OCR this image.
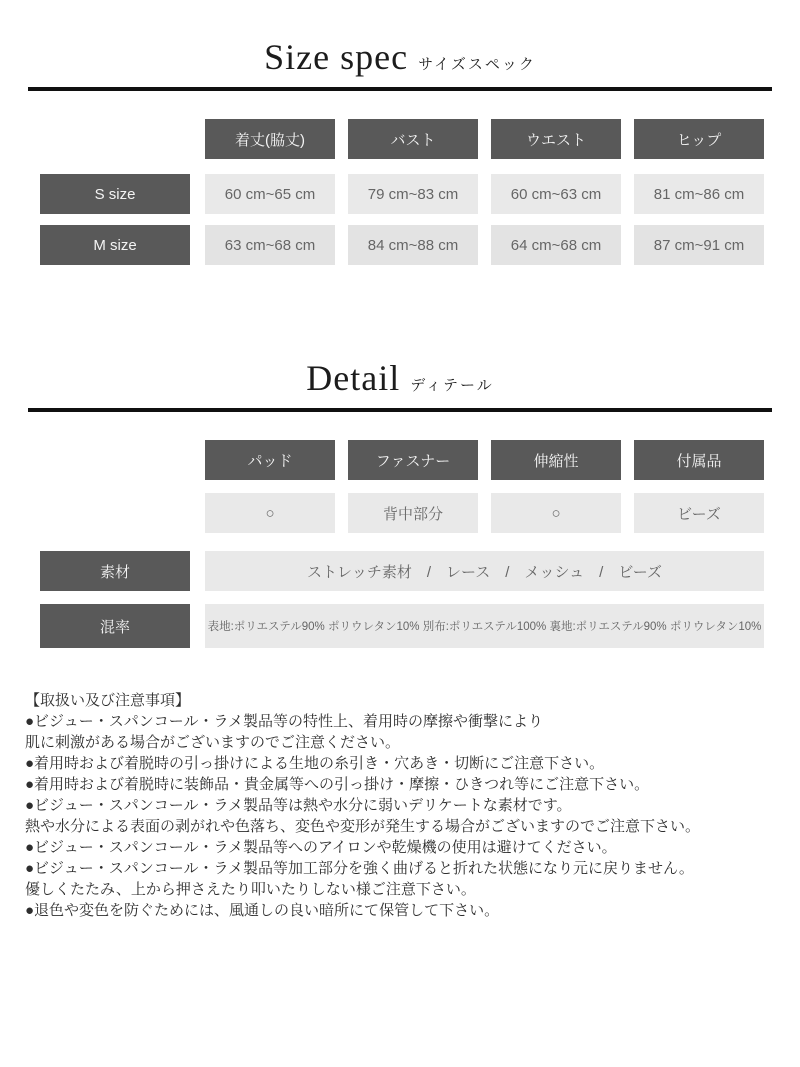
Size spec サイズスペック
着丈(脇丈)	バスト	ウエスト	ヒップ
S size	60 cm~65 cm	79 cm~83 cm	60 cm~63 cm	81 cm~86 cm
M size	63 cm~68 cm	84 cm~88 cm	64 cm~68 cm	87 cm~91 cm
Detail ディテール
パッド	ファスナー	伸縮性	付属品
○	背中部分	○	ビーズ
素材	ストレッチ素材　/　レース　/　メッシュ　/　ビーズ
混率	表地:ポリエステル90% ポリウレタン10% 別布:ポリエステル100% 裏地:ポリエステル90% ポリウレタン10%

【取扱い及び注意事項】

●ビジュー・スパンコール・ラメ製品等の特性上、着用時の摩擦や衝撃により

肌に刺激がある場合がございますのでご注意ください。

●着用時および着脱時の引っ掛けによる生地の糸引き・穴あき・切断にご注意下さい。

●着用時および着脱時に装飾品・貴金属等への引っ掛け・摩擦・ひきつれ等にご注意下さい。

●ビジュー・スパンコール・ラメ製品等は熱や水分に弱いデリケートな素材です。

熱や水分による表面の剥がれや色落ち、変色や変形が発生する場合がございますのでご注意下さい。

●ビジュー・スパンコール・ラメ製品等へのアイロンや乾燥機の使用は避けてください。

●ビジュー・スパンコール・ラメ製品等加工部分を強く曲げると折れた状態になり元に戻りません。

優しくたたみ、上から押さえたり叩いたりしない様ご注意下さい。

●退色や変色を防ぐためには、風通しの良い暗所にて保管して下さい。
